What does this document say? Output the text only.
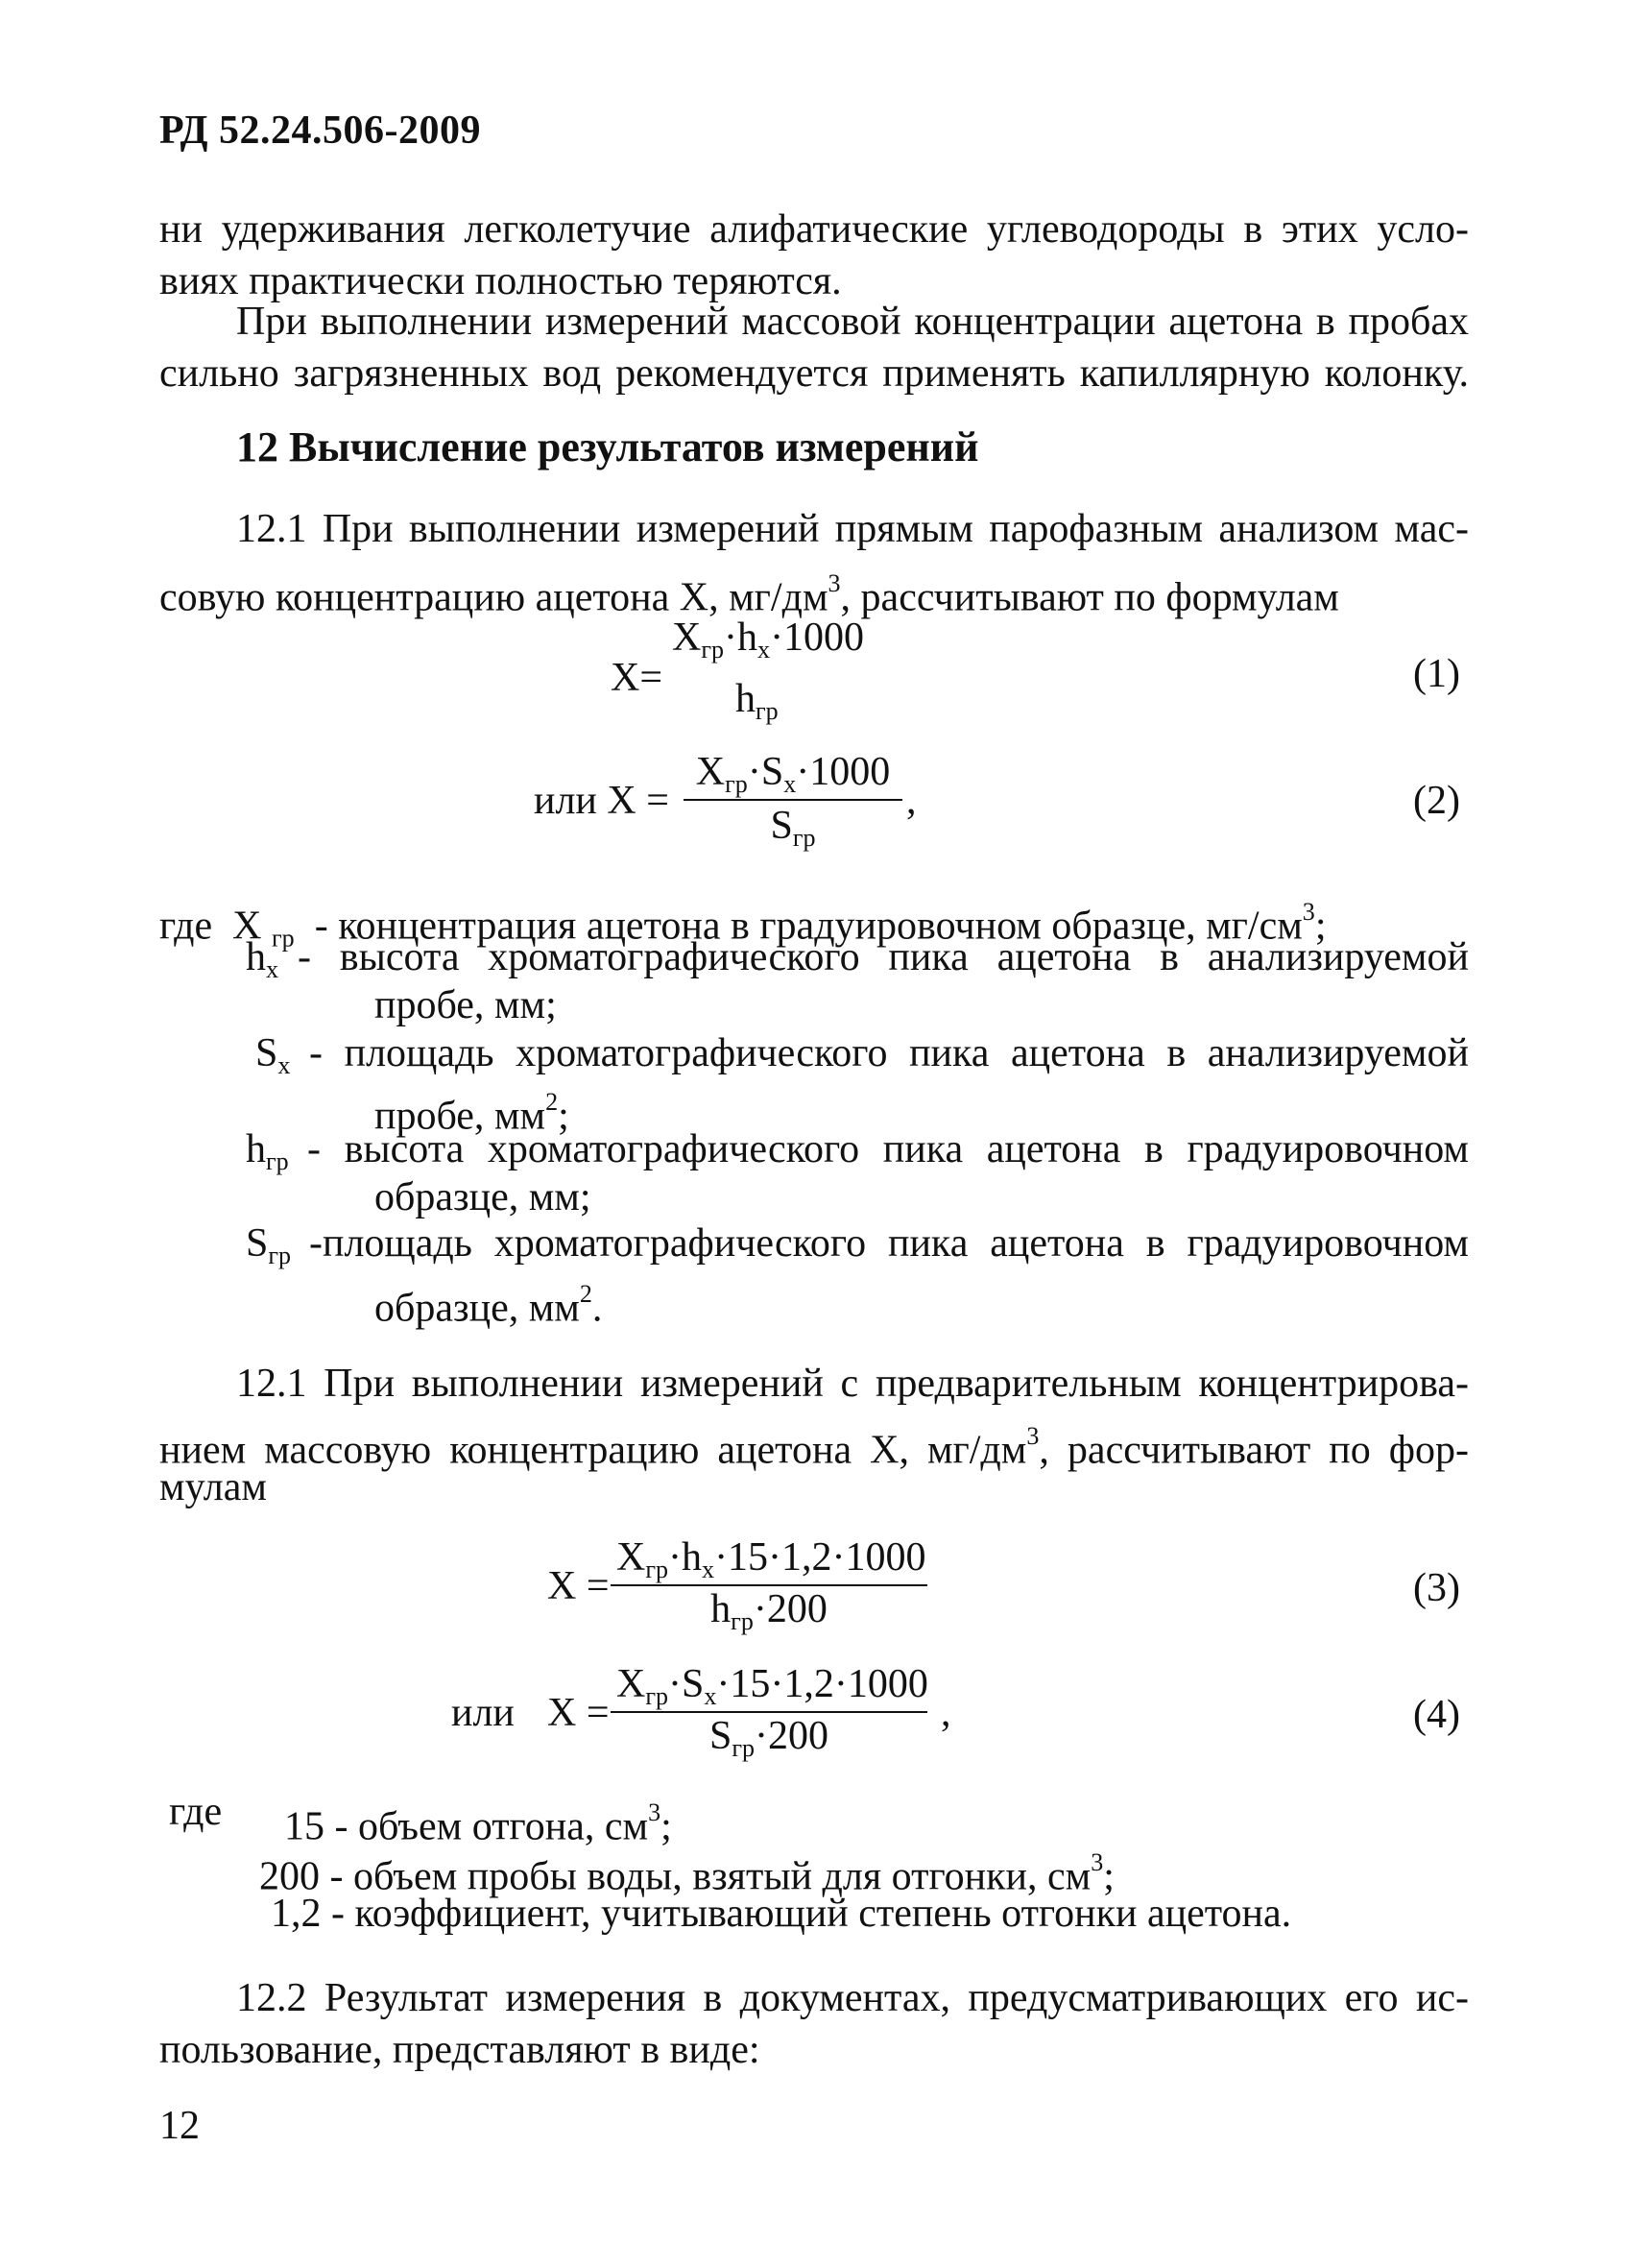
РД 52.24.506-2009
ни удерживания легколетучие алифатические углеводороды в этих усло-
виях практически полностью теряются.
При выполнении измерений массовой концентрации ацетона в пробах
сильно загрязненных вод рекомендуется применять капиллярную колонку.
12 Вычисление результатов измерений
12.1 При выполнении измерений прямым парофазным анализом мас-
совую концентрацию ацетона X, $мг/дм^3$, рассчитывают по формулам
X=
$X_{гр}\cdot h_x\cdot 1000$
$h_{гр}$
(1)
или X =
$X_{гр}\cdot S_x\cdot 1000$
$S_{гр}$
,	(2)
где X $_{гр}$ - концентрация ацетона в градуировочном образце, $мг/см^3$;
$h_x$ - высота хроматографического пика ацетона в анализируемой
пробе, мм;
$S_x$ - площадь хроматографического пика ацетона в анализируемой
пробе, $мм^2$;
$h_{гр}$ - высота хроматографического пика ацетона в градуировочном
образце, мм;
$S_{гр}$ -площадь хроматографического пика ацетона в градуировочном
образце, $мм^2$.
12.1 При выполнении измерений с предварительным концентрирова-
нием массовую концентрацию ацетона X, $мг/дм^3$, рассчитывают по фор-
мулам
X =
$X_{гр}\cdot h_x\cdot 15\cdot 1,2\cdot 1000$
$h_{гр}\cdot 200$	(3)
или X =
$X_{гр}\cdot S_x\cdot 15\cdot 1,2\cdot 1000$
$S_{гр}\cdot 200$
,	(4)
где 15 - объем отгона, $см^3$;
200 - объем пробы воды, взятый для отгонки, $см^3$;
1,2 - коэффициент, учитывающий степень отгонки ацетона.
12.2 Результат измерения в документах, предусматривающих его ис-
пользование, представляют в виде:
12
